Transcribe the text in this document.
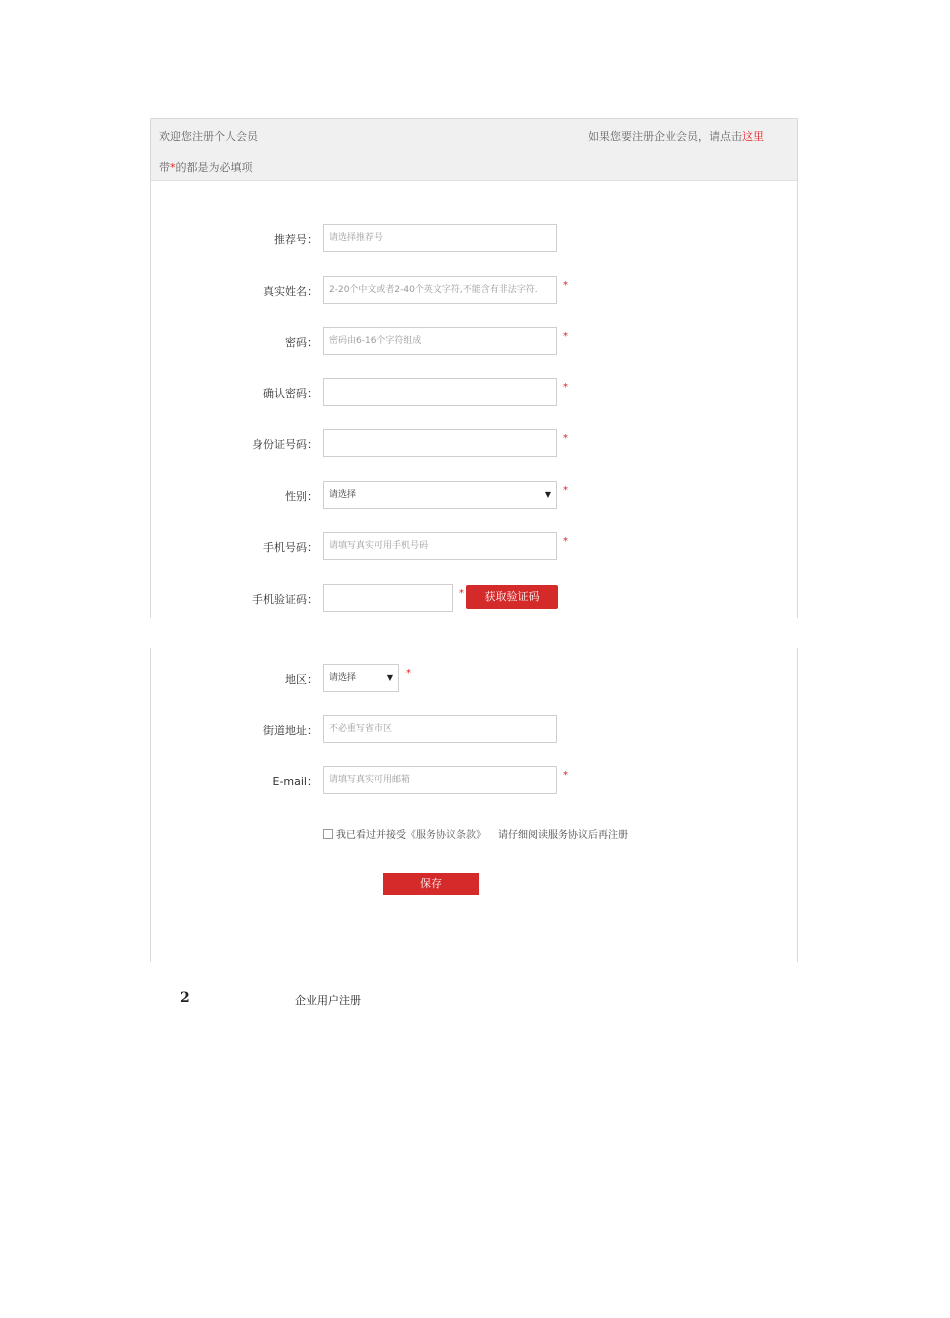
欢迎您注册个人会员	如果您要注册企业会员，请点击这里
带*的都是为必填项
推荐号：	请选择推荐号
真实姓名：	2-20个中文或者2-40个英文字符,不能含有非法字符.	*
密码：	密码由6-16个字符组成	*
确认密码：	*
身份证号码：	*
性别：	请选择	▼ *
手机号码：	请填写真实可用手机号码	*
手机验证码：	*	获取验证码
地区：	请选择	▼ *
街道地址：	不必重写省市区
E-mail：	请填写真实可用邮箱	*
我已看过并接受《服务协议条款》 请仔细阅读服务协议后再注册
保存
2	企业用户注册
